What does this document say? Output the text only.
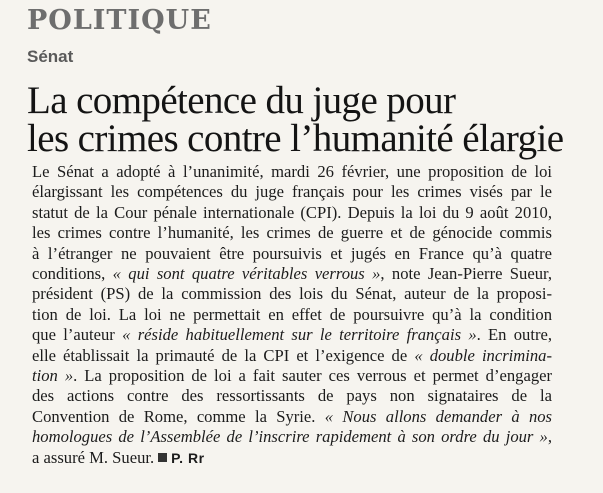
POLITIQUE
Sénat
La compétence du juge pour
les crimes contre l’humanité élargie
Le Sénat a adopté à l’unanimité, mardi 26 février, une proposition de loi
élargissant les compétences du juge français pour les crimes visés par le
statut de la Cour pénale internationale (CPI). Depuis la loi du 9 août 2010,
les crimes contre l’humanité, les crimes de guerre et de génocide commis
à l’étranger ne pouvaient être poursuivis et jugés en France qu’à quatre
conditions, « qui sont quatre véritables verrous », note Jean-Pierre Sueur,
président (PS) de la commission des lois du Sénat, auteur de la proposi-
tion de loi. La loi ne permettait en effet de poursuivre qu’à la condition
que l’auteur « réside habituellement sur le territoire français ». En outre,
elle établissait la primauté de la CPI et l’exigence de « double incrimina-
tion ». La proposition de loi a fait sauter ces verrous et permet d’engager
des actions contre des ressortissants de pays non signataires de la
Convention de Rome, comme la Syrie. « Nous allons demander à nos
homologues de l’Assemblée de l’inscrire rapidement à son ordre du jour »,
a assuré M. Sueur. P. Rr
